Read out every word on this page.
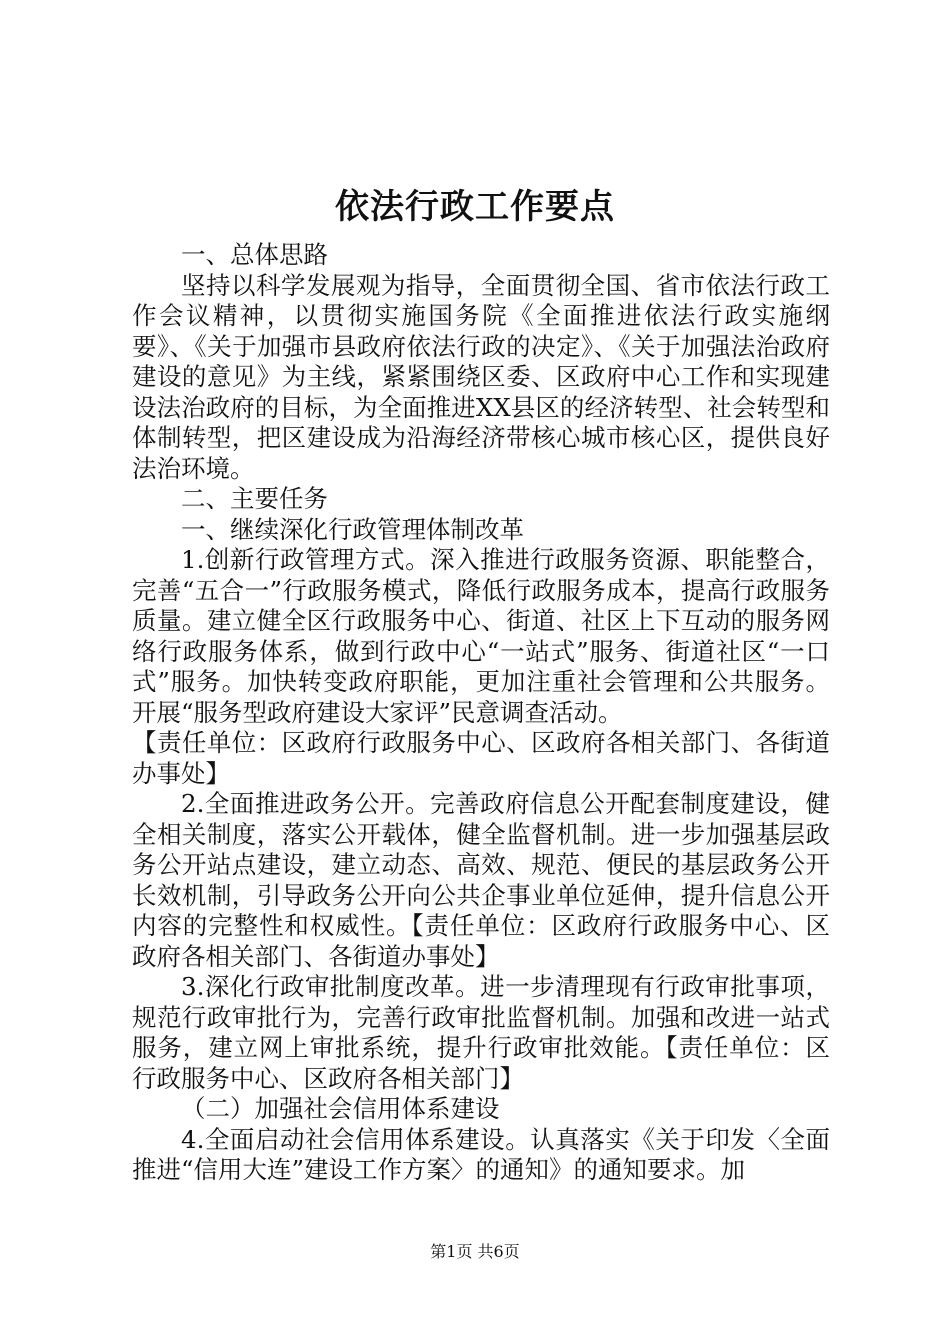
依法行政工作要点

一、总体思路

坚持以科学发展观为指导，全面贯彻全国、省市依法行政工作会议精神，以贯彻实施国务院《全面推进依法行政实施纲要》、《关于加强市县政府依法行政的决定》、《关于加强法治政府建设的意见》为主线，紧紧围绕区委、区政府中心工作和实现建设法治政府的目标，为全面推进XX县区的经济转型、社会转型和体制转型，把区建设成为沿海经济带核心城市核心区，提供良好法治环境。

二、主要任务

一、继续深化行政管理体制改革

1.创新行政管理方式。深入推进行政服务资源、职能整合，完善“五合一”行政服务模式，降低行政服务成本，提高行政服务质量。建立健全区行政服务中心、街道、社区上下互动的服务网络行政服务体系，做到行政中心“一站式”服务、街道社区“一口式”服务。加快转变政府职能，更加注重社会管理和公共服务。开展“服务型政府建设大家评”民意调查活动。

【责任单位：区政府行政服务中心、区政府各相关部门、各街道办事处】

2.全面推进政务公开。完善政府信息公开配套制度建设，健全相关制度，落实公开载体，健全监督机制。进一步加强基层政务公开站点建设，建立动态、高效、规范、便民的基层政务公开长效机制，引导政务公开向公共企事业单位延伸，提升信息公开内容的完整性和权威性。【责任单位：区政府行政服务中心、区政府各相关部门、各街道办事处】

3.深化行政审批制度改革。进一步清理现有行政审批事项，规范行政审批行为，完善行政审批监督机制。加强和改进一站式服务，建立网上审批系统，提升行政审批效能。【责任单位：区行政服务中心、区政府各相关部门】

（二）加强社会信用体系建设

4.全面启动社会信用体系建设。认真落实《关于印发〈全面推进“信用大连”建设工作方案〉的通知》的通知要求。加

第1页 共6页
